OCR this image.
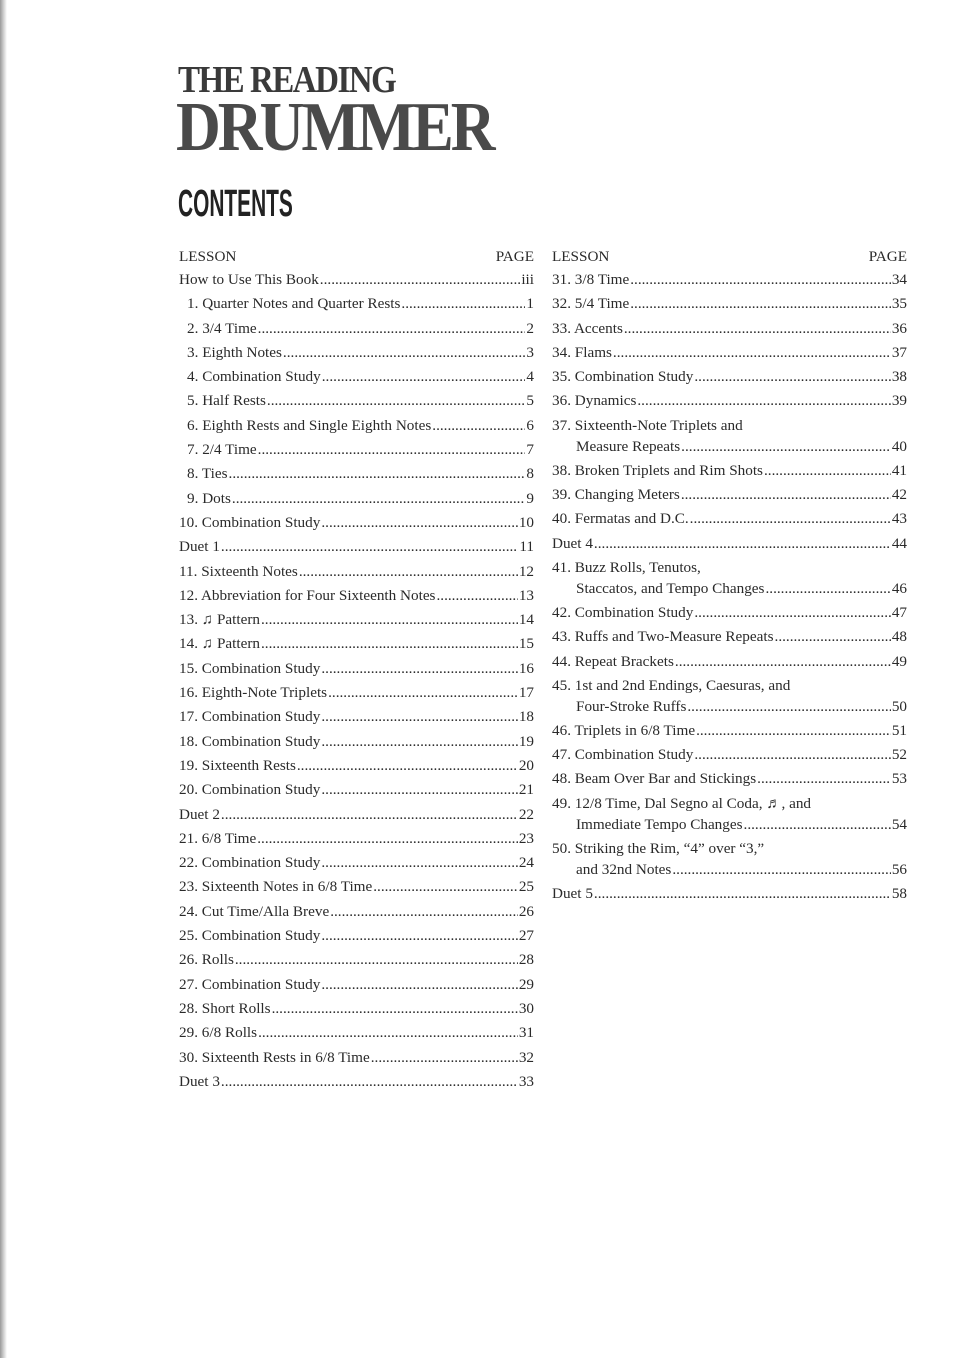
THE READING
DRUMMER
CONTENTS
LESSON	PAGE
How to Use This Book .....	iii
1. Quarter Notes and Quarter Rests .....	1
2. 3/4 Time .....	2
3. Eighth Notes .....	3
4. Combination Study .....	4
5. Half Rests .....	5
6. Eighth Rests and Single Eighth Notes .....	6
7. 2/4 Time .....	7
8. Ties .....	8
9. Dots .....	9
10. Combination Study .....	10
Duet 1 .....	11
11. Sixteenth Notes .....	12
12. Abbreviation for Four Sixteenth Notes .....	13
13. ♫ Pattern .....	14
14. ♫ Pattern .....	15
15. Combination Study .....	16
16. Eighth-Note Triplets .....	17
17. Combination Study .....	18
18. Combination Study .....	19
19. Sixteenth Rests .....	20
20. Combination Study .....	21
Duet 2 .....	22
21. 6/8 Time .....	23
22. Combination Study .....	24
23. Sixteenth Notes in 6/8 Time .....	25
24. Cut Time/Alla Breve .....	26
25. Combination Study .....	27
26. Rolls .....	28
27. Combination Study .....	29
28. Short Rolls .....	30
29. 6/8 Rolls .....	31
30. Sixteenth Rests in 6/8 Time .....	32
Duet 3 .....	33
LESSON	PAGE
31. 3/8 Time .....	34
32. 5/4 Time .....	35
33. Accents .....	36
34. Flams .....	37
35. Combination Study .....	38
36. Dynamics .....	39
37. Sixteenth-Note Triplets and
Measure Repeats .....	40
38. Broken Triplets and Rim Shots .....	41
39. Changing Meters .....	42
40. Fermatas and D.C. .....	43
Duet 4 .....	44
41. Buzz Rolls, Tenutos,
Staccatos, and Tempo Changes .....	46
42. Combination Study .....	47
43. Ruffs and Two-Measure Repeats .....	48
44. Repeat Brackets .....	49
45. 1st and 2nd Endings, Caesuras, and
Four-Stroke Ruffs .....	50
46. Triplets in 6/8 Time .....	51
47. Combination Study .....	52
48. Beam Over Bar and Stickings .....	53
49. 12/8 Time, Dal Segno al Coda, ♬, and
Immediate Tempo Changes .....	54
50. Striking the Rim, “4” over “3,”
and 32nd Notes .....	56
Duet 5 .....	58
